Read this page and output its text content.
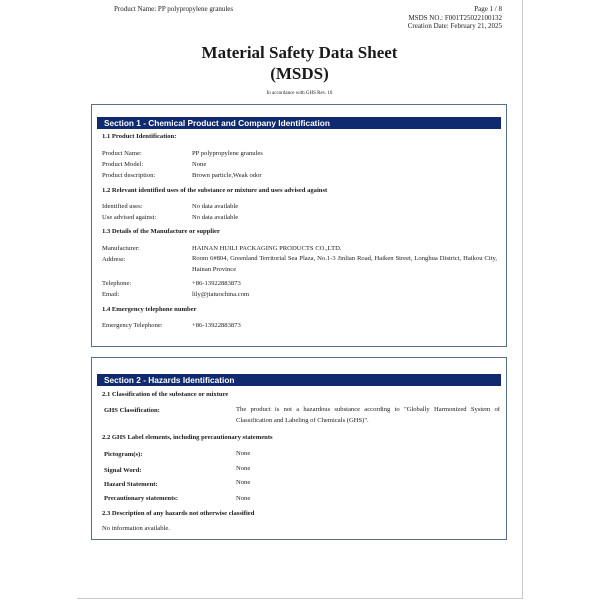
Product Name: PP polypropylene granules	Page 1 / 8
MSDS NO.: F001T25022100132
Creation Date: February 21, 2025
Material Safety Data Sheet
(MSDS)
In accordance with GHS Rev. 10
Section 1 - Chemical Product and Company Identification
1.1 Product Identification:
Product Name:	PP polypropylene granules
Product Model:	None
Product description:	Brown particle,Weak odor
1.2 Relevant identified uses of the substance or mixture and uses advised against
Identified uses:	No data available
Use advised against:	No data available
1.3 Details of the Manufacture or supplier
Manufacturer:	HAINAN HUILI PACKAGING PRODUCTS CO.,LTD.
Address:	Room 6#804, Greenland Territorial Sea Plaza, No.1-3 Jinlian Road, Haiken Street, Longhua District, Haikou City, Hainan Province
Telephone:	+86-13922883873
Email:	lily@jiatuochina.com
1.4 Emergency telephone number
Emergency Telephone:	+86-13922883873
Section 2 - Hazards Identification
2.1 Classification of the substance or mixture
GHS Classification:	The product is not a hazardous substance according to "Globally Harmonized System of Classification and Labeling of Chemicals (GHS)".
2.2 GHS Label elements, including precautionary statements
Pictogram(s):	None
Signal Word:	None
Hazard Statement:	None
Precautionary statements:	None
2.3 Description of any hazards not otherwise classified
No information available.
